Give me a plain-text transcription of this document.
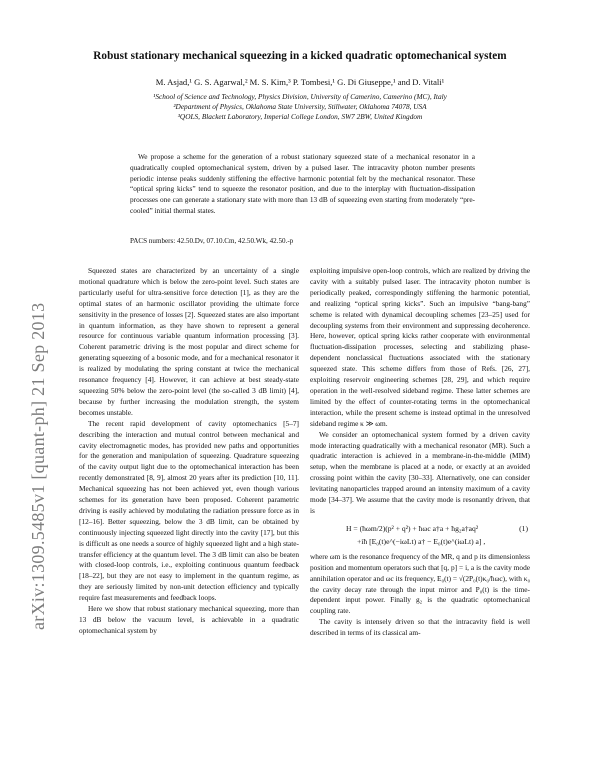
Robust stationary mechanical squeezing in a kicked quadratic optomechanical system
M. Asjad,¹ G. S. Agarwal,² M. S. Kim,³ P. Tombesi,¹ G. Di Giuseppe,¹ and D. Vitali¹
¹School of Science and Technology, Physics Division, University of Camerino, Camerino (MC), Italy
²Department of Physics, Oklahoma State University, Stillwater, Oklahoma 74078, USA
³QOLS, Blackett Laboratory, Imperial College London, SW7 2BW, United Kingdom
We propose a scheme for the generation of a robust stationary squeezed state of a mechanical resonator in a quadratically coupled optomechanical system, driven by a pulsed laser. The intracavity photon number presents periodic intense peaks suddenly stiffening the effective harmonic potential felt by the mechanical resonator. These “optical spring kicks” tend to squeeze the resonator position, and due to the interplay with fluctuation-dissipation processes one can generate a stationary state with more than 13 dB of squeezing even starting from moderately “pre-cooled” initial thermal states.
PACS numbers: 42.50.Dv, 07.10.Cm, 42.50.Wk, 42.50.-p
arXiv:1309.5485v1 [quant-ph] 21 Sep 2013

Squeezed states are characterized by an uncertainty of a single motional quadrature which is below the zero-point level. Such states are particularly useful for ultra-sensitive force detection [1], as they are the optimal states of an harmonic oscillator providing the ultimate force sensitivity in the presence of losses [2]. Squeezed states are also important in quantum information, as they have shown to represent a general resource for continuous variable quantum information processing [3]. Coherent parametric driving is the most popular and direct scheme for generating squeezing of a bosonic mode, and for a mechanical resonator it is realized by modulating the spring constant at twice the mechanical resonance frequency [4]. However, it can achieve at best steady-state squeezing 50% below the zero-point level (the so-called 3 dB limit) [4], because by further increasing the modulation strength, the system becomes unstable.

The recent rapid development of cavity optomechanics [5–7] describing the interaction and mutual control between mechanical and cavity electromagnetic modes, has provided new paths and opportunities for the generation and manipulation of squeezing. Quadrature squeezing of the cavity output light due to the optomechanical interaction has been recently demonstrated [8, 9], almost 20 years after its prediction [10, 11]. Mechanical squeezing has not been achieved yet, even though various schemes for its generation have been proposed. Coherent parametric driving is easily achieved by modulating the radiation pressure force as in [12–16]. Better squeezing, below the 3 dB limit, can be obtained by continuously injecting squeezed light directly into the cavity [17], but this is difficult as one needs a source of highly squeezed light and a high state-transfer efficiency at the quantum level. The 3 dB limit can also be beaten with closed-loop controls, i.e., exploiting continuous quantum feedback [18–22], but they are not easy to implement in the quantum regime, as they are seriously limited by non-unit detection efficiency and typically require fast measurements and feedback loops.

Here we show that robust stationary mechanical squeezing, more than 13 dB below the vacuum level, is achievable in a quadratic optomechanical system by

exploiting impulsive open-loop controls, which are realized by driving the cavity with a suitably pulsed laser. The intracavity photon number is periodically peaked, correspondingly stiffening the harmonic potential, and realizing “optical spring kicks”. Such an impulsive “bang-bang” scheme is related with dynamical decoupling schemes [23–25] used for decoupling systems from their environment and suppressing decoherence. Here, however, optical spring kicks rather cooperate with environmental fluctuation-dissipation processes, selecting and stabilizing phase-dependent nonclassical fluctuations associated with the stationary squeezed state. This scheme differs from those of Refs. [26, 27], exploiting reservoir engineering schemes [28, 29], and which require operation in the well-resolved sideband regime. These latter schemes are limited by the effect of counter-rotating terms in the optomechanical interaction, while the present scheme is instead optimal in the unresolved sideband regime κ ≫ ωm.

We consider an optomechanical system formed by a driven cavity mode interacting quadratically with a mechanical resonator (MR). Such a quadratic interaction is achieved in a membrane-in-the-middle (MIM) setup, when the membrane is placed at a node, or exactly at an avoided crossing point within the cavity [30–33]. Alternatively, one can consider levitating nanoparticles trapped around an intensity maximum of a cavity mode [34–37]. We assume that the cavity mode is resonantly driven, that is

H = (ħωm/2)(p² + q²) + ħωc a†a + ħg₂a†aq²
+iħ [E₀(t)e^(−iωLt) a† − E₀(t)e^(iωLt) a] ,
(1)

where ωm is the resonance frequency of the MR, q and p its dimensionless position and momentum operators such that [q, p] = i, a is the cavity mode annihilation operator and ωc its frequency, E₀(t) = √(2P₀(t)κ₀/ħωc), with κ₀ the cavity decay rate through the input mirror and P₀(t) is the time-dependent input power. Finally g₂ is the quadratic optomechanical coupling rate.

The cavity is intensely driven so that the intracavity field is well described in terms of its classical am-
